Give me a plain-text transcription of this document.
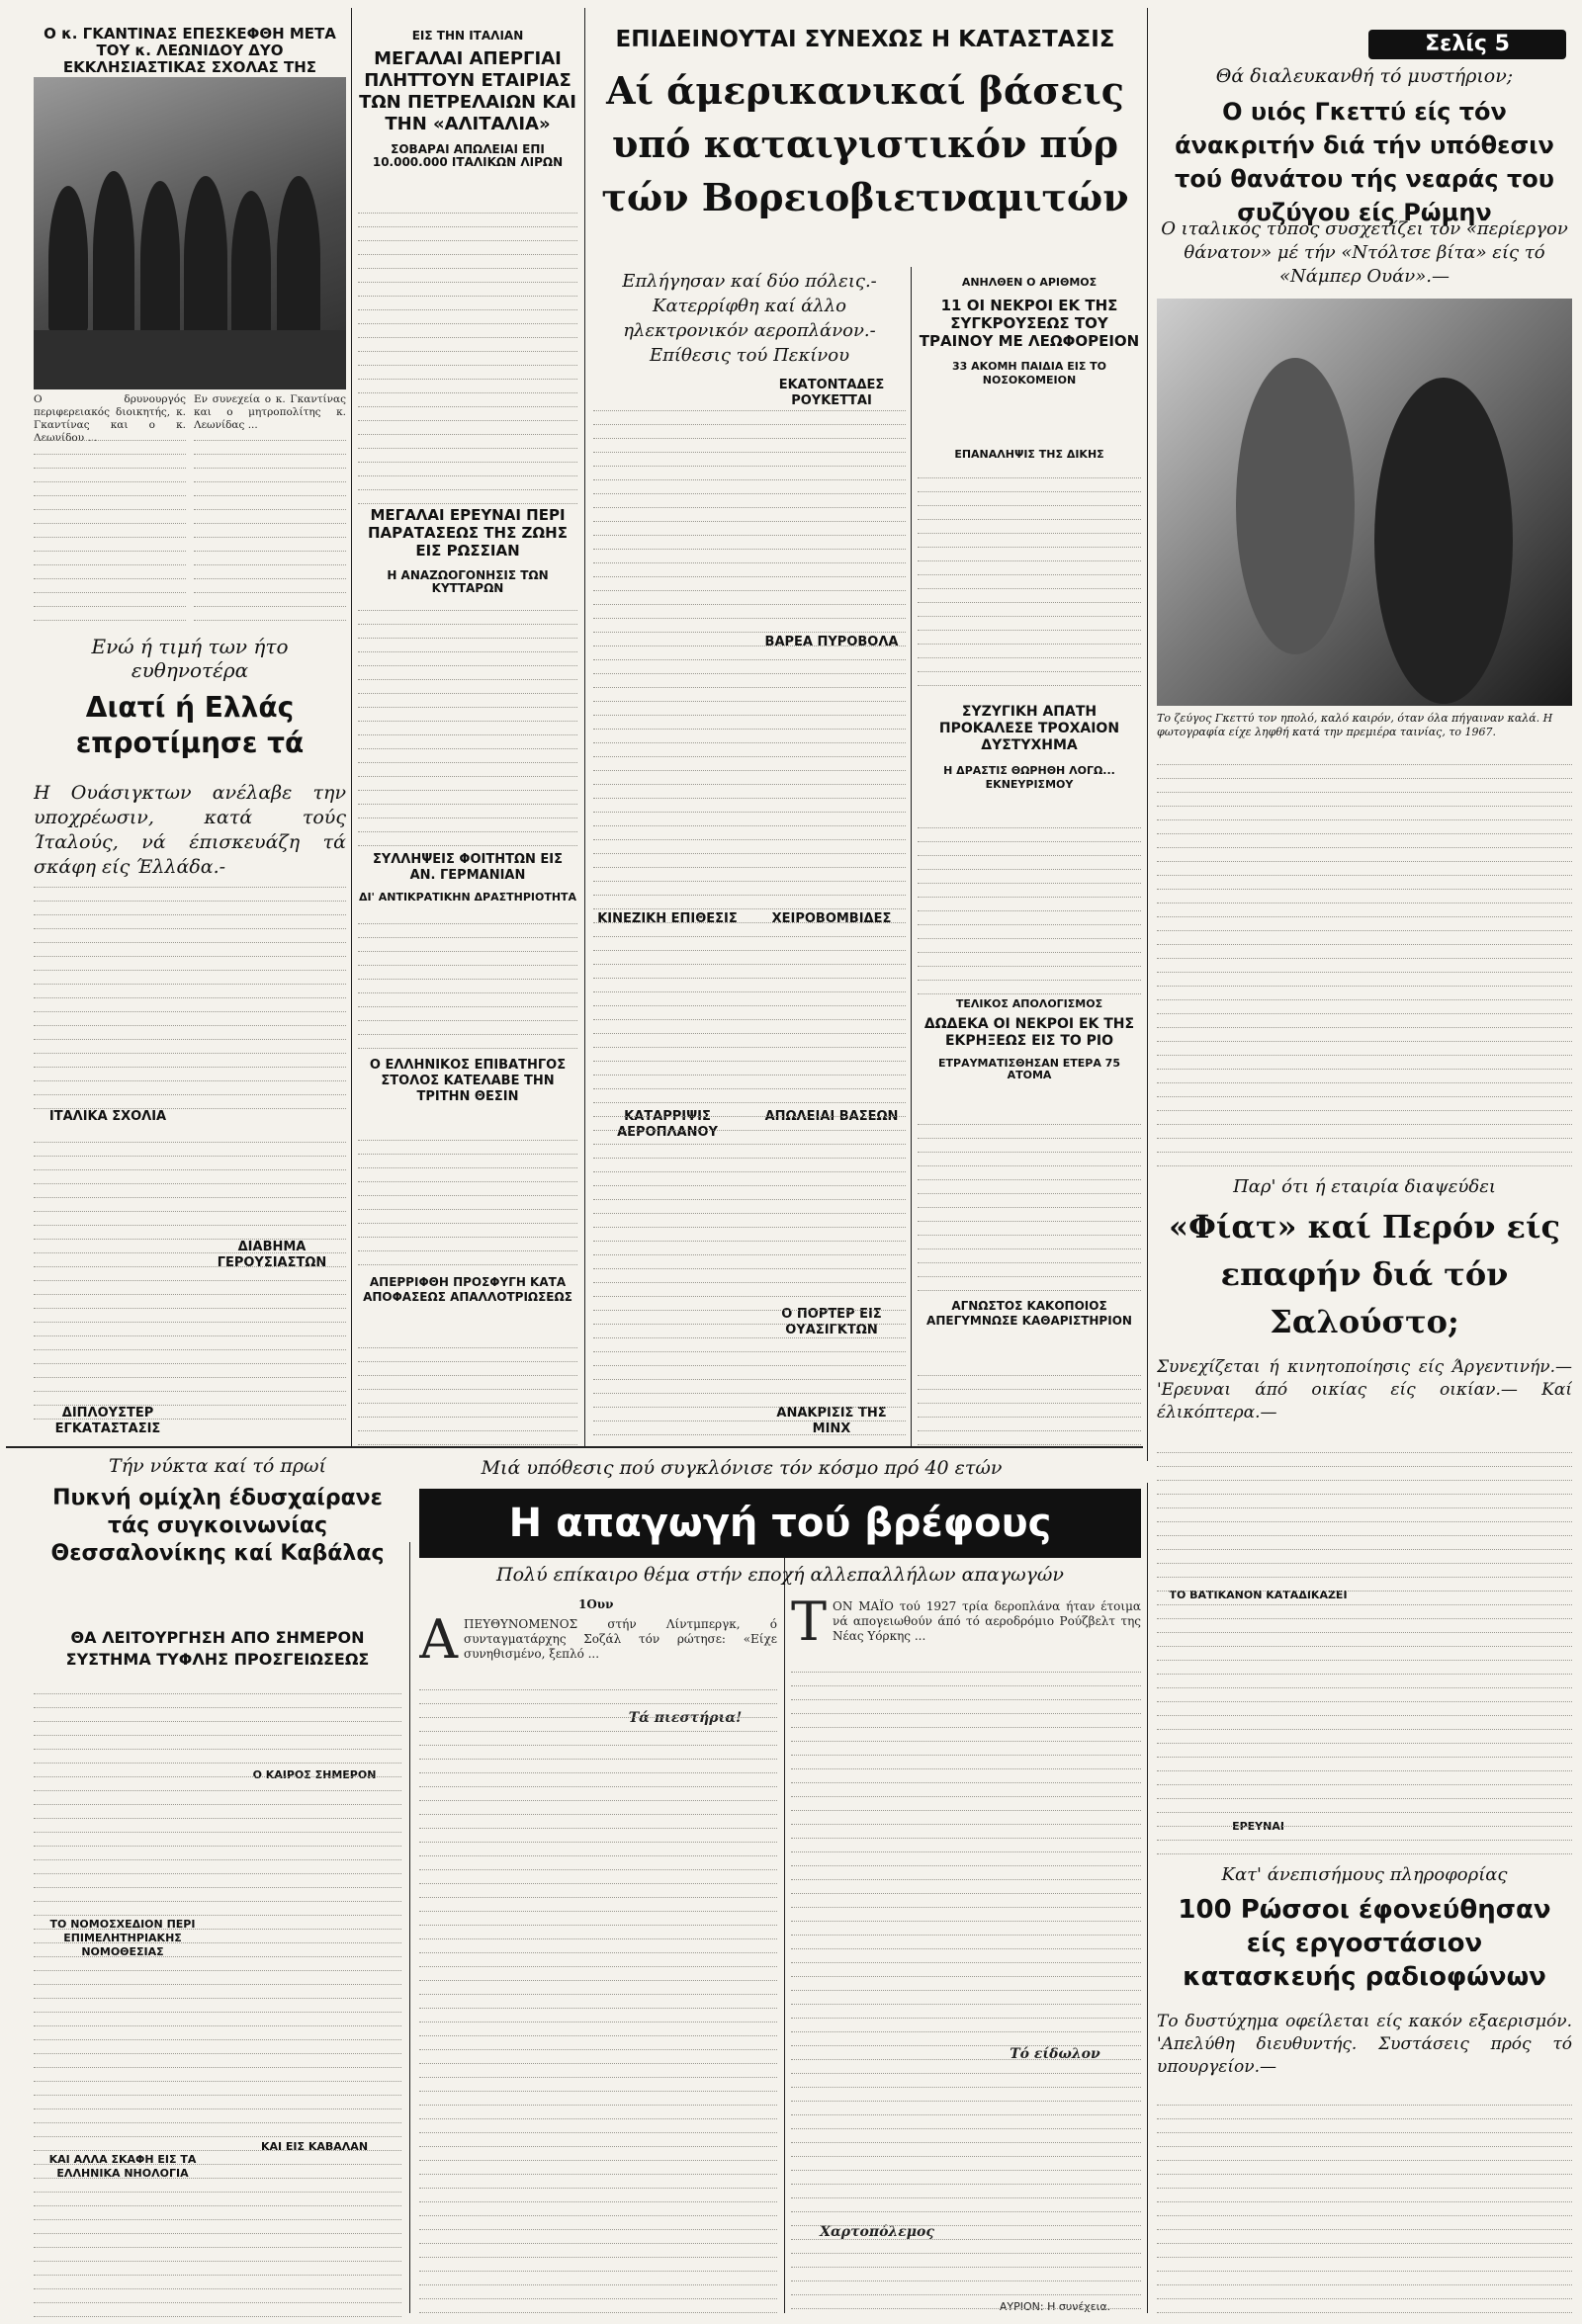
Ο κ. ΓΚΑΝΤΙΝΑΣ ΕΠΕΣΚΕΦΘΗ ΜΕΤΑ ΤΟΥ κ. ΛΕΩΝΙΔΟΥ ΔΥΟ ΕΚΚΛΗΣΙΑΣΤΙΚΑΣ ΣΧΟΛΑΣ ΤΗΣ
Ο δρυνουργός περιφερειακός διοικητής, κ. Γκαντίνας και ο κ. Λεωνίδου ...
Εν συνεχεία ο κ. Γκαντίνας και ο μητροπολίτης κ. Λεωνίδας ...
Ενώ ή τιμή των ήτο ευθηνοτέρα
Διατί ή Ελλάς επροτίμησε τά
Η Ουάσιγκτων ανέλαβε την υποχρέωσιν, κατά τούς Ίταλούς, νά έπισκευάζη τά σκάφη είς Έλλάδα.-
ΙΤΑΛΙΚΑ ΣΧΟΛΙΑ
ΔΙΑΒΗΜΑ ΓΕΡΟΥΣΙΑΣΤΩΝ
ΔΙΠΛΟΥΣΤΕΡ ΕΓΚΑΤΑΣΤΑΣΙΣ
ΕΙΣ ΤΗΝ ΙΤΑΛΙΑΝ
ΜΕΓΑΛΑΙ ΑΠΕΡΓΙΑΙ ΠΛΗΤΤΟΥΝ ΕΤΑΙΡΙΑΣ ΤΩΝ ΠΕΤΡΕΛΑΙΩΝ ΚΑΙ ΤΗΝ «ΑΛΙΤΑΛΙΑ»
ΣΟΒΑΡΑΙ ΑΠΩΛΕΙΑΙ ΕΠΙ 10.000.000 ΙΤΑΛΙΚΩΝ ΛΙΡΩΝ
ΜΕΓΑΛΑΙ ΕΡΕΥΝΑΙ ΠΕΡΙ ΠΑΡΑΤΑΣΕΩΣ ΤΗΣ ΖΩΗΣ ΕΙΣ ΡΩΣΣΙΑΝ
Η ΑΝΑΖΩΟΓΟΝΗΣΙΣ ΤΩΝ ΚΥΤΤΑΡΩΝ
ΣΥΛΛΗΨΕΙΣ ΦΟΙΤΗΤΩΝ ΕΙΣ ΑΝ. ΓΕΡΜΑΝΙΑΝ
ΔΙ' ΑΝΤΙΚΡΑΤΙΚΗΝ ΔΡΑΣΤΗΡΙΟΤΗΤΑ
Ο ΕΛΛΗΝΙΚΟΣ ΕΠΙΒΑΤΗΓΟΣ ΣΤΟΛΟΣ ΚΑΤΕΛΑΒΕ ΤΗΝ ΤΡΙΤΗΝ ΘΕΣΙΝ
ΑΠΕΡΡΙΦΘΗ ΠΡΟΣΦΥΓΗ ΚΑΤΑ ΑΠΟΦΑΣΕΩΣ ΑΠΑΛΛΟΤΡΙΩΣΕΩΣ
ΕΠΙΔΕΙΝΟΥΤΑΙ ΣΥΝΕΧΩΣ Η ΚΑΤΑΣΤΑΣΙΣ
Αί άμερικανικαί βάσεις υπό καταιγιστικόν πύρ τών Βορειοβιετναμιτών
Επλήγησαν καί δύο πόλεις.-Κατερρίφθη καί άλλο ηλεκτρονικόν αεροπλάνον.- Επίθεσις τού Πεκίνου
ΕΚΑΤΟΝΤΑΔΕΣ ΡΟΥΚΕΤΤΑΙ
ΒΑΡΕΑ ΠΥΡΟΒΟΛΑ
ΚΙΝΕΖΙΚΗ ΕΠΙΘΕΣΙΣ	ΧΕΙΡΟΒΟΜΒΙΔΕΣ
ΚΑΤΑΡΡΙΨΙΣ ΑΕΡΟΠΛΑΝΟΥ
ΑΠΩΛΕΙΑΙ ΒΑΣΕΩΝ
Ο ΠΟΡΤΕΡ ΕΙΣ ΟΥΑΣΙΓΚΤΩΝ
ΑΝΑΚΡΙΣΙΣ ΤΗΣ ΜΙΝΧ
ΑΝΗΛΘΕΝ Ο ΑΡΙΘΜΟΣ
11 ΟΙ ΝΕΚΡΟΙ ΕΚ ΤΗΣ ΣΥΓΚΡΟΥΣΕΩΣ ΤΟΥ ΤΡΑΙΝΟΥ ΜΕ ΛΕΩΦΟΡΕΙΟΝ
33 ΑΚΟΜΗ ΠΑΙΔΙΑ ΕΙΣ ΤΟ ΝΟΣΟΚΟΜΕΙΟΝ
ΕΠΑΝΑΛΗΨΙΣ ΤΗΣ ΔΙΚΗΣ
ΣΥΖΥΓΙΚΗ ΑΠΑΤΗ ΠΡΟΚΑΛΕΣΕ ΤΡΟΧΑΙΟΝ ΔΥΣΤΥΧΗΜΑ
Η ΔΡΑΣΤΙΣ ΘΩΡΗΘΗ ΛΟΓΩ... ΕΚΝΕΥΡΙΣΜΟΥ
ΤΕΛΙΚΟΣ ΑΠΟΛΟΓΙΣΜΟΣ
ΔΩΔΕΚΑ ΟΙ ΝΕΚΡΟΙ ΕΚ ΤΗΣ ΕΚΡΗΞΕΩΣ ΕΙΣ ΤΟ ΡΙΟ
ΕΤΡΑΥΜΑΤΙΣΘΗΣΑΝ ΕΤΕΡΑ 75 ΑΤΟΜΑ
ΑΓΝΩΣΤΟΣ ΚΑΚΟΠΟΙΟΣ ΑΠΕΓΥΜΝΩΣΕ ΚΑΘΑΡΙΣΤΗΡΙΟΝ
Σελίς 5
Θά διαλευκανθή τό μυστήριον;
Ο υιός Γκεττύ είς τόν άνακριτήν διά τήν υπόθεσιν τού θανάτου τής νεαράς του συζύγου είς Ρώμην
Ο ιταλικός τύπος συσχετίζει τόν «περίεργον θάνατον» μέ τήν «Ντόλτσε βίτα» είς τό «Νάμπερ Ουάν».—
Το ζεύγος Γκεττύ τον ηπολό, καλό καιρόν, όταν όλα πήγαιναν καλά. Η φωτογραφία είχε ληφθή κατά την πρεμιέρα ταινίας, το 1967.
Παρ' ότι ή εταιρία διαψεύδει
«Φίατ» καί Περόν είς επαφήν διά τόν Σαλούστο;
Συνεχίζεται ή κινητοποίησις είς Άργεντινήν.— 'Ερευναι άπό οικίας είς οικίαν.— Καί έλικόπτερα.—
ΤΟ ΒΑΤΙΚΑΝΟΝ ΚΑΤΑΔΙΚΑΖΕΙ
ΕΡΕΥΝΑΙ
Κατ' άνεπισήμους πληροφορίας
100 Ρώσσοι έφονεύθησαν είς εργοστάσιον κατασκευής ραδιοφώνων
Το δυστύχημα οφείλεται είς κακόν εξαερισμόν. 'Απελύθη διευθυντής. Συστάσεις πρός τό υπουργείον.—
Μιά υπόθεσις πού συγκλόνισε τόν κόσμο πρό 40 ετών
Η απαγωγή τού βρέφους
Πολύ επίκαιρο θέμα στήν εποχή αλλεπαλλήλων απαγωγών
Τήν νύκτα καί τό πρωί
Πυκνή ομίχλη έδυσχαίρανε τάς συγκοινωνίας Θεσσαλονίκης καί Καβάλας
ΘΑ ΛΕΙΤΟΥΡΓΗΣΗ ΑΠΟ ΣΗΜΕΡΟΝ ΣΥΣΤΗΜΑ ΤΥΦΛΗΣ ΠΡΟΣΓΕΙΩΣΕΩΣ
Ο ΚΑΙΡΟΣ ΣΗΜΕΡΟΝ
ΚΑΙ ΕΙΣ ΚΑΒΑΛΑΝ
ΤΟ ΝΟΜΟΣΧΕΔΙΟΝ ΠΕΡΙ ΕΠΙΜΕΛΗΤΗΡΙΑΚΗΣ ΝΟΜΟΘΕΣΙΑΣ
ΚΑΙ ΑΛΛΑ ΣΚΑΦΗ ΕΙΣ ΤΑ ΕΛΛΗΝΙΚΑ ΝΗΟΛΟΓΙΑ
1Ουν
Α ΠΕΥΘΥΝΟΜΕΝΟΣ στήν Λίντμπεργκ, ό συνταγματάρχης Σοζάλ τόν ρώτησε: «Είχε συνηθισμένο, ξεπλό ...
Τά πιεστήρια!
Τ ΟΝ ΜΑΪΟ τού 1927 τρία δεροπλάνα ήταν έτοιμα νά απογειωθούν άπό τό αεροδρόμιο Ρούζβελτ της Νέας Υόρκης ...
Τό είδωλον
Χαρτοπόλεμος
ΑΥΡΙΟΝ: Η συνέχεια.
